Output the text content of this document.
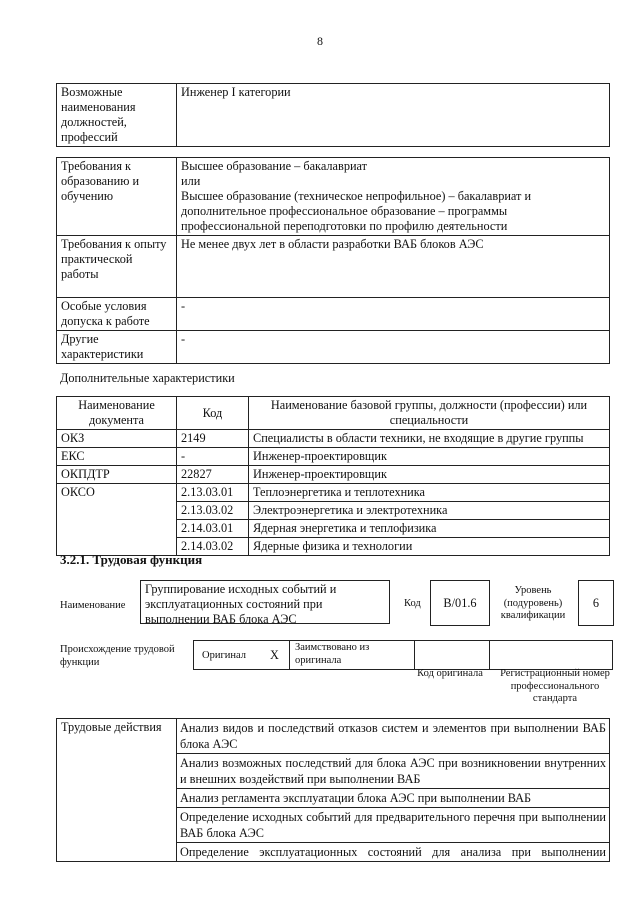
8
Возможные наименования должностей, профессий	Инженер I категории
Требования к образованию и обучению	Высшее образование – бакалавриат
или
Высшее образование (техническое непрофильное) – бакалавриат и
дополнительное профессиональное образование – программы
профессиональной переподготовки по профилю деятельности

Требования к опыту практической работы	Не менее двух лет в области разработки ВАБ блоков АЭС
Особые условия допуска к работе	-
Другие характеристики	-
Дополнительные характеристики
Наименование документа	Код	Наименование базовой группы, должности (профессии) или специальности
ОКЗ	2149	Специалисты в области техники, не входящие в другие группы
ЕКС	-	Инженер-проектировщик
ОКПДТР	22827	Инженер-проектировщик
ОКСО	2.13.03.01	Теплоэнергетика и теплотехника
	2.13.03.02	Электроэнергетика и электротехника
	2.14.03.01	Ядерная энергетика и теплофизика
	2.14.03.02	Ядерные физика и технологии
3.2.1. Трудовая функция
Наименование
Группирование исходных событий и эксплуатационных состояний при выполнении ВАБ блока АЭС
Код	B/01.6
Уровень (подуровень) квалификации
6
Происхождение трудовой функции
Оригинал X
Заимствовано из оригинала
Код оригинала	Регистрационный номер профессионального стандарта
Трудовые действия	Анализ видов и последствий отказов систем и элементов при выполнении ВАБ блока АЭС

Анализ возможных последствий для блока АЭС при возникновении внутренних и внешних воздействий при выполнении ВАБ

Анализ регламента эксплуатации блока АЭС при выполнении ВАБ

Определение исходных событий для предварительного перечня при выполнении ВАБ блока АЭС

Определение эксплуатационных состояний для анализа при выполнении
